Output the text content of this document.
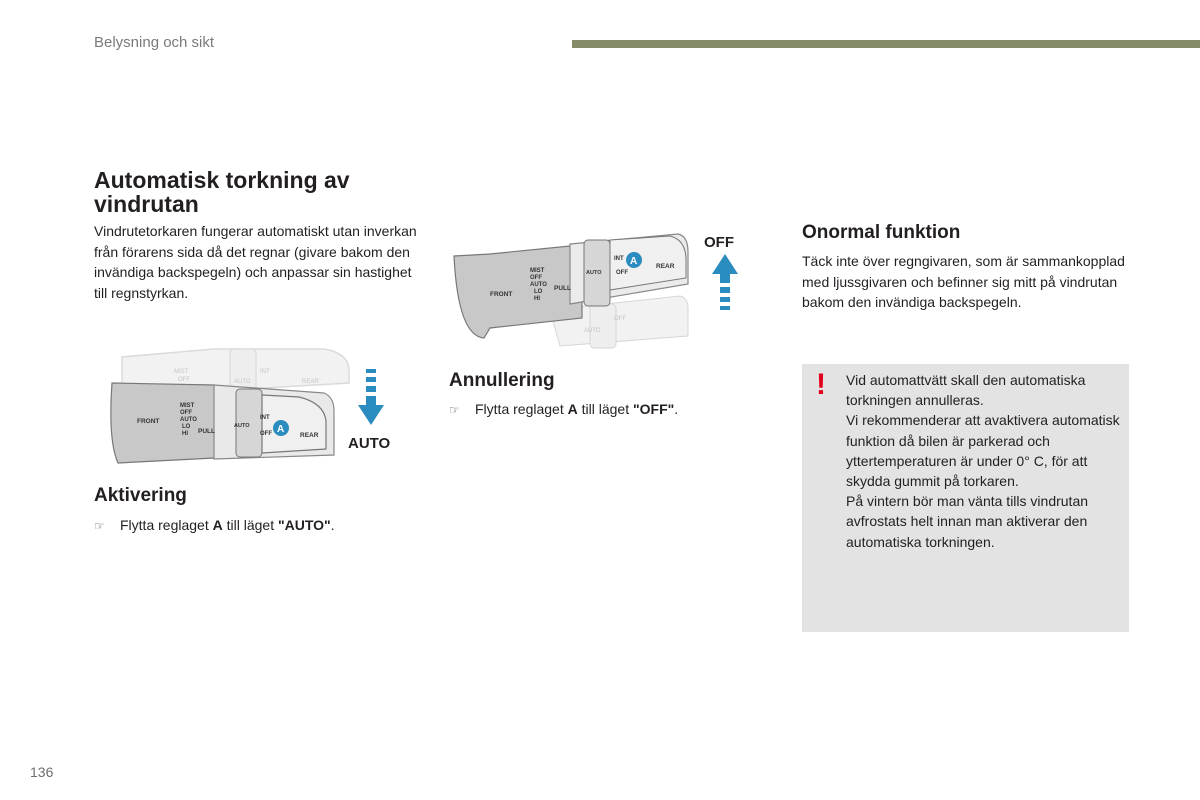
Belysning och sikt
Automatisk torkning av vindrutan
Vindrutetorkaren fungerar automatiskt utan inverkan från förarens sida då det regnar (givare bakom den invändiga backspegeln) och anpassar sin hastighet till regnstyrkan.
MIST
OFF	AUTO
INT
REAR
FRONT
MIST
OFF
AUTO
LO
HI PULL
AUTO
INT
OFF	REAR
A
AUTO
Aktivering
☞ Flytta reglaget A till läget "AUTO".
OFF
AUTO
FRONT
MIST
OFF
AUTO
LO
HI
PULL
AUTO
INT
OFF
REAR
A
OFF
Annullering
☞ Flytta reglaget A till läget "OFF".
Onormal funktion
Täck inte över regngivaren, som är sammankopplad med ljussgivaren och befinner sig mitt på vindrutan bakom den invändiga backspegeln.
! Vid automattvätt skall den automatiska torkningen annulleras.

Vi rekommenderar att avaktivera automatisk funktion då bilen är parkerad och yttertemperaturen är under 0° C, för att skydda gummit på torkaren.

På vintern bör man vänta tills vindrutan avfrostats helt innan man aktiverar den automatiska torkningen.

136
